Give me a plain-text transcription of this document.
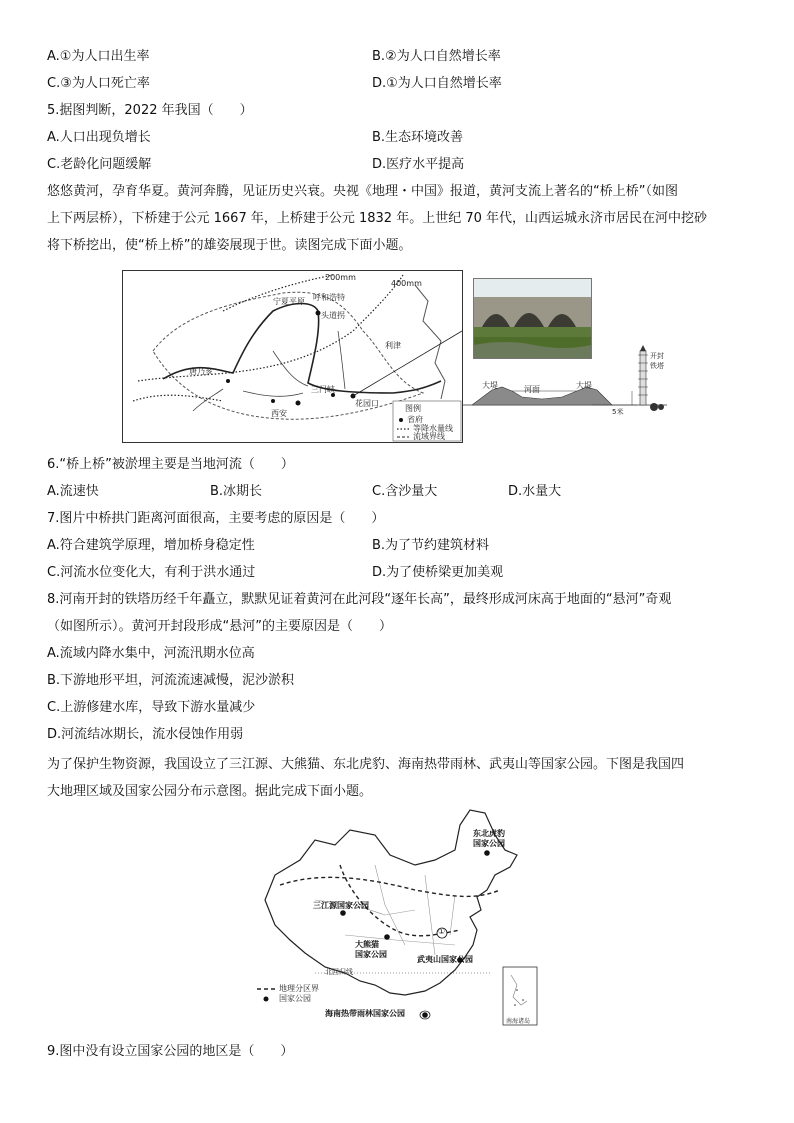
A.①为人口出生率	B.②为人口自然增长率
C.③为人口死亡率	D.①为人口自然增长率
5.据图判断，2022 年我国（　　）
A.人口出现负增长	B.生态环境改善
C.老龄化问题缓解	D.医疗水平提高
悠悠黄河，孕育华夏。黄河奔腾，见证历史兴衰。央视《地理・中国》报道，黄河支流上著名的“桥上桥”（如图
上下两层桥），下桥建于公元 1667 年，上桥建于公元 1832 年。上世纪 70 年代，山西运城永济市居民在河中挖砂
将下桥挖出，使“桥上桥”的雄姿展现于世。读图完成下面小题。
200mm
400mm
呼和浩特
头道拐
宁夏平原
唐乃亥
西安
三门峡
花园口
利津
图例
省府
等降水量线
流域界线
大堤	河面	大堤
开封铁塔
5米
6.“桥上桥”被淤埋主要是当地河流（　　）
A.流速快	B.冰期长	C.含沙量大	D.水量大
7.图片中桥拱门距离河面很高，主要考虑的原因是（　　）
A.符合建筑学原理，增加桥身稳定性	B.为了节约建筑材料
C.河流水位变化大，有利于洪水通过	D.为了使桥梁更加美观
8.河南开封的铁塔历经千年矗立，默默见证着黄河在此河段“逐年长高”，最终形成河床高于地面的“悬河”奇观
（如图所示）。黄河开封段形成“悬河”的主要原因是（　　）
A.流域内降水集中，河流汛期水位高
B.下游地形平坦，河流流速减慢，泥沙淤积
C.上游修建水库，导致下游水量减少
D.河流结冰期长，流水侵蚀作用弱
为了保护生物资源，我国设立了三江源、大熊猫、东北虎豹、海南热带雨林、武夷山等国家公园。下图是我国四
大地理区域及国家公园分布示意图。据此完成下面小题。
东北虎豹
国家公园
三江源国家公园
大熊猫
国家公园
武夷山国家公园
海南热带雨林国家公园
北回归线
①
地理分区界
国家公园
南海诸岛
9.图中没有设立国家公园的地区是（　　）
